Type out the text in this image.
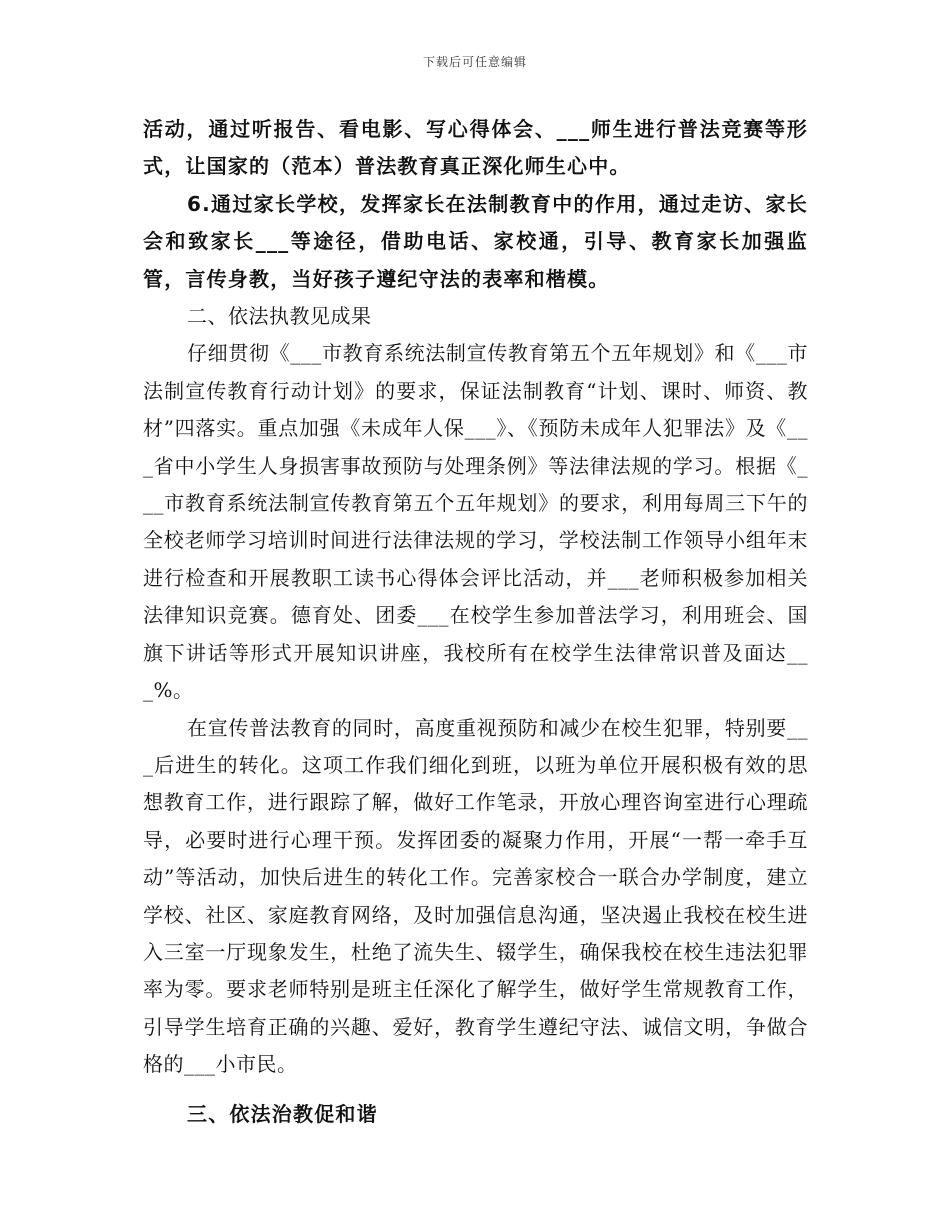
下载后可任意编辑

活动，通过听报告、看电影、写心得体会、___师生进行普法竞赛等形式，让国家的（范本）普法教育真正深化师生心中。

6.通过家长学校，发挥家长在法制教育中的作用，通过走访、家长会和致家长___等途径，借助电话、家校通，引导、教育家长加强监管，言传身教，当好孩子遵纪守法的表率和楷模。

二、依法执教见成果

仔细贯彻《___市教育系统法制宣传教育第五个五年规划》和《___市法制宣传教育行动计划》的要求，保证法制教育“计划、课时、师资、教材”四落实。重点加强《未成年人保___》、《预防未成年人犯罪法》及《___省中小学生人身损害事故预防与处理条例》等法律法规的学习。根据《___市教育系统法制宣传教育第五个五年规划》的要求，利用每周三下午的全校老师学习培训时间进行法律法规的学习，学校法制工作领导小组年末进行检查和开展教职工读书心得体会评比活动，并___老师积极参加相关法律知识竞赛。德育处、团委___在校学生参加普法学习，利用班会、国旗下讲话等形式开展知识讲座，我校所有在校学生法律常识普及面达___%。

在宣传普法教育的同时，高度重视预防和减少在校生犯罪，特别要___后进生的转化。这项工作我们细化到班，以班为单位开展积极有效的思想教育工作，进行跟踪了解，做好工作笔录，开放心理咨询室进行心理疏导，必要时进行心理干预。发挥团委的凝聚力作用，开展“一帮一牵手互动”等活动，加快后进生的转化工作。完善家校合一联合办学制度，建立学校、社区、家庭教育网络，及时加强信息沟通，坚决遏止我校在校生进入三室一厅现象发生，杜绝了流失生、辍学生，确保我校在校生违法犯罪率为零。要求老师特别是班主任深化了解学生，做好学生常规教育工作，引导学生培育正确的兴趣、爱好，教育学生遵纪守法、诚信文明，争做合格的___小市民。

三、依法治教促和谐
